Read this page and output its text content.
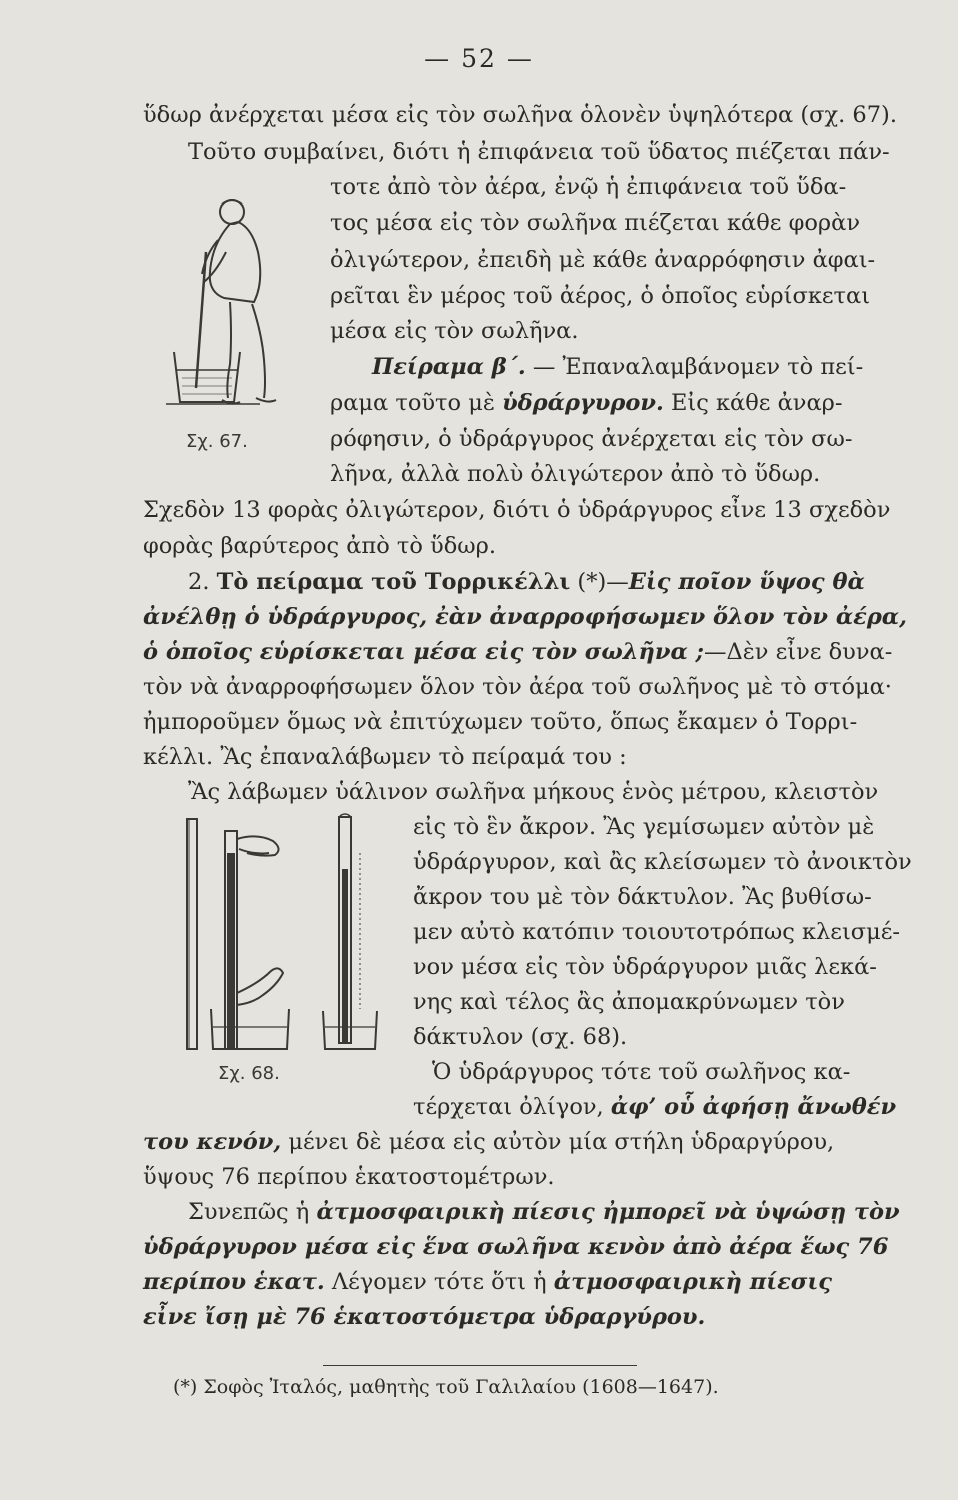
— 52 —
ὕδωρ ἀνέρχεται μέσα εἰς τὸν σωλῆνα ὁλονὲν ὑψηλότερα (σχ. 67).
Τοῦτο συμβαίνει, διότι ἡ ἐπιφάνεια τοῦ ὕδατος πιέζεται πάν-
τοτε ἀπὸ τὸν ἀέρα, ἐνῷ ἡ ἐπιφάνεια τοῦ ὕδα-
τος μέσα εἰς τὸν σωλῆνα πιέζεται κάθε φορὰν
ὀλιγώτερον, ἐπειδὴ μὲ κάθε ἀναρρόφησιν ἀφαι-
ρεῖται ἓν μέρος τοῦ ἀέρος, ὁ ὁποῖος εὑρίσκεται
μέσα εἰς τὸν σωλῆνα.
Πείραμα β΄. — Ἐπαναλαμβάνομεν τὸ πεί-
ραμα τοῦτο μὲ ὑδράργυρον. Εἰς κάθε ἀναρ-
ρόφησιν, ὁ ὑδράργυρος ἀνέρχεται εἰς τὸν σω-
λῆνα, ἀλλὰ πολὺ ὀλιγώτερον ἀπὸ τὸ ὕδωρ.
Σχεδὸν 13 φορὰς ὀλιγώτερον, διότι ὁ ὑδράργυρος εἶνε 13 σχεδὸν
φορὰς βαρύτερος ἀπὸ τὸ ὕδωρ.
2. Τὸ πείραμα τοῦ Τορρικέλλι (*)—Εἰς ποῖον ὕψος θὰ
ἀνέλθῃ ὁ ὑδράργυρος, ἐὰν ἀναρροφήσωμεν ὅλον τὸν ἀέρα,
ὁ ὁποῖος εὑρίσκεται μέσα εἰς τὸν σωλῆνα ;—Δὲν εἶνε δυνα-
τὸν νὰ ἀναρροφήσωμεν ὅλον τὸν ἀέρα τοῦ σωλῆνος μὲ τὸ στόμα·
ἠμποροῦμεν ὅμως νὰ ἐπιτύχωμεν τοῦτο, ὅπως ἔκαμεν ὁ Τορρι-
κέλλι. Ἂς ἐπαναλάβωμεν τὸ πείραμά του :
Ἂς λάβωμεν ὑάλινον σωλῆνα μήκους ἑνὸς μέτρου, κλειστὸν
εἰς τὸ ἓν ἄκρον. Ἂς γεμίσωμεν αὐτὸν μὲ
ὑδράργυρον, καὶ ἂς κλείσωμεν τὸ ἀνοικτὸν
ἄκρον του μὲ τὸν δάκτυλον. Ἂς βυθίσω-
μεν αὐτὸ κατόπιν τοιουτοτρόπως κλεισμέ-
νον μέσα εἰς τὸν ὑδράργυρον μιᾶς λεκά-
νης καὶ τέλος ἂς ἀπομακρύνωμεν τὸν
δάκτυλον (σχ. 68).
Ὁ ὑδράργυρος τότε τοῦ σωλῆνος κα-
τέρχεται ὀλίγον, ἀφ’ οὗ ἀφήσῃ ἄνωθέν
του κενόν, μένει δὲ μέσα εἰς αὐτὸν μία στήλη ὑδραργύρου,
ὕψους 76 περίπου ἑκατοστομέτρων.
Συνεπῶς ἡ ἀτμοσφαιρικὴ πίεσις ἠμπορεῖ νὰ ὑψώσῃ τὸν
ὑδράργυρον μέσα εἰς ἕνα σωλῆνα κενὸν ἀπὸ ἀέρα ἕως 76
περίπου ἑκατ. Λέγομεν τότε ὅτι ἡ ἀτμοσφαιρικὴ πίεσις
εἶνε ἴσῃ μὲ 76 ἑκατοστόμετρα ὑδραργύρου.
Σχ. 67.
Σχ. 68.
(*) Σοφὸς Ἰταλός, μαθητὴς τοῦ Γαλιλαίου (1608—1647).
